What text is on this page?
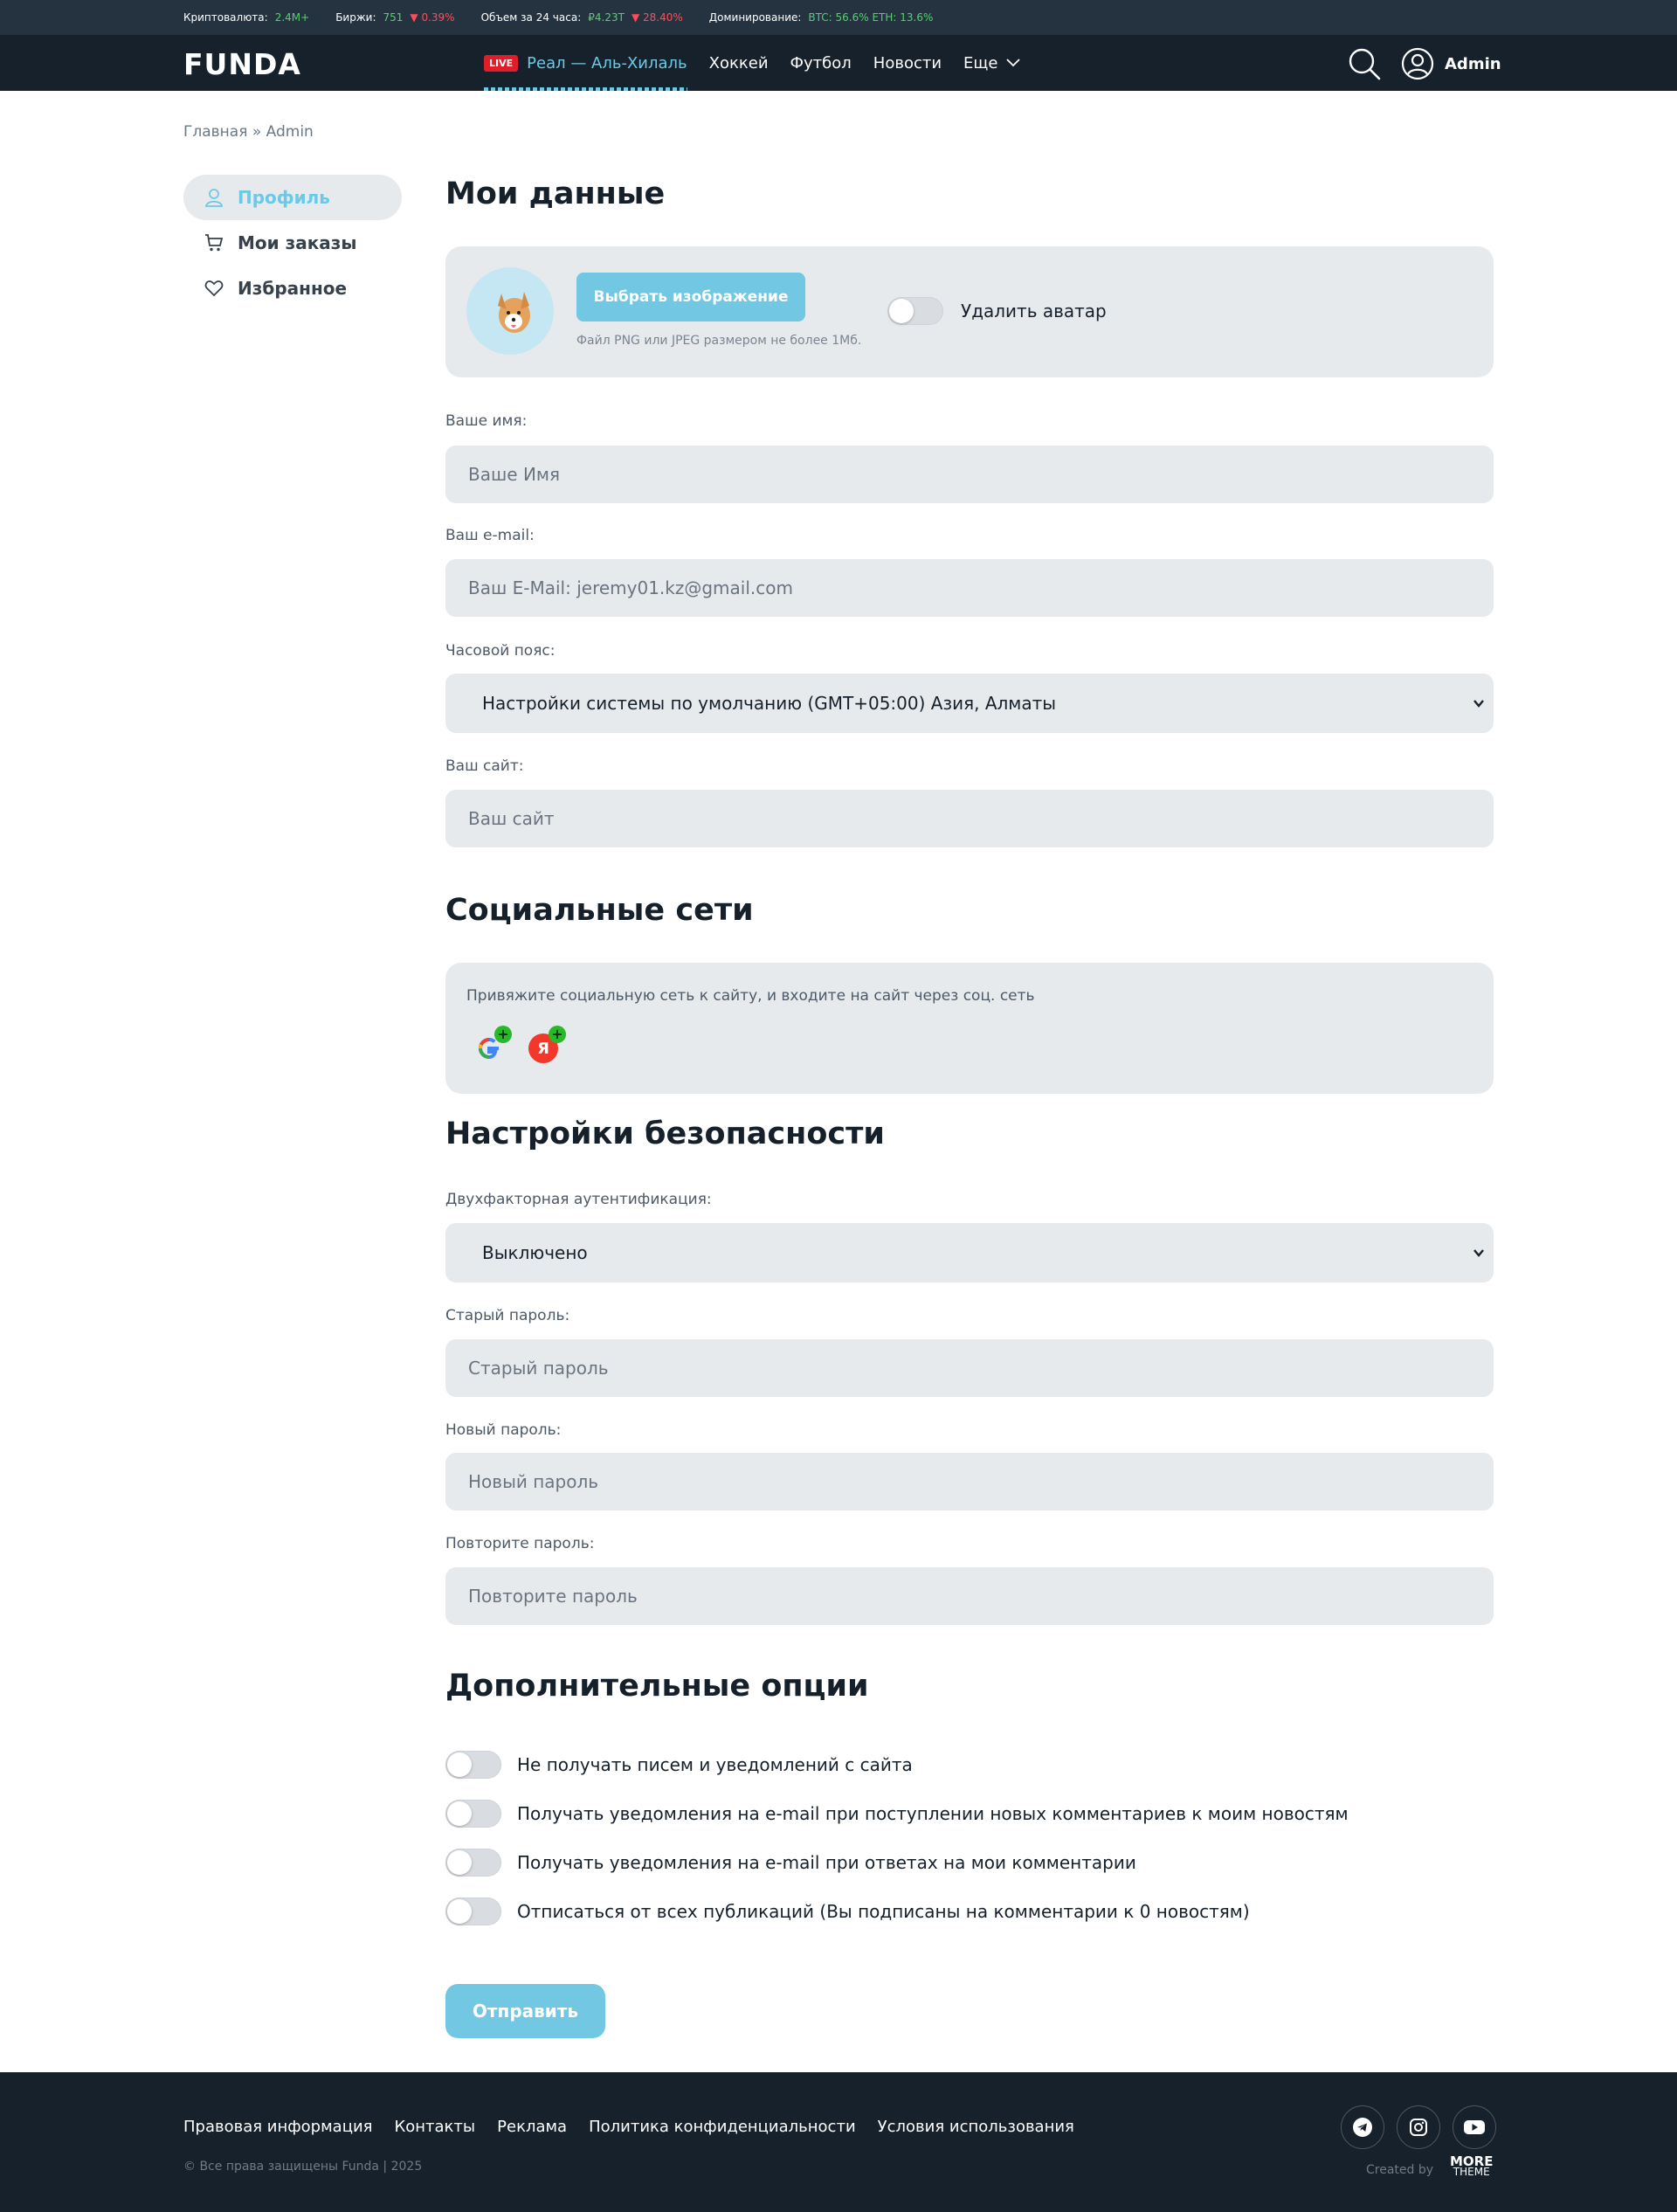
Криптовалюта: 2.4M+	Биржи: 751 ▼ 0.39%	Объем за 24 часа: ₽4.23T ▼ 28.40%	Доминирование: BTC: 56.6% ETH: 13.6%
FUNDA	LIVE Реал — Аль-Хилаль Хоккей Футбол Новости Еще	Admin
Главная » Admin
Профиль
Мои заказы
Избранное
Мои данные
Выбрать изображение
Файл PNG или JPEG размером не более 1Мб.
Удалить аватар
Ваше имя:
Ваше Имя
Ваш e-mail:
Ваш E-Mail: jeremy01.kz@gmail.com
Часовой пояс:
Настройки системы по умолчанию (GMT+05:00) Азия, Алматы
Ваш сайт:
Ваш сайт
Социальные сети
Привяжите социальную сеть к сайту, и входите на сайт через соц. сеть
+
Я
+
Настройки безопасности
Двухфакторная аутентификация:
Выключено
Старый пароль:
Новый пароль:
Повторите пароль:
Дополнительные опции
Не получать писем и уведомлений с сайта
Получать уведомления на e-mail при поступлении новых комментариев к моим новостям
Получать уведомления на e-mail при ответах на мои комментарии
Отписаться от всех публикаций (Вы подписаны на комментарии к 0 новостям)
Отправить
Правовая информация Контакты Реклама Политика конфиденциальности Условия использования
© Все права защищены Funda | 2025	Created by
MORE
THEME
